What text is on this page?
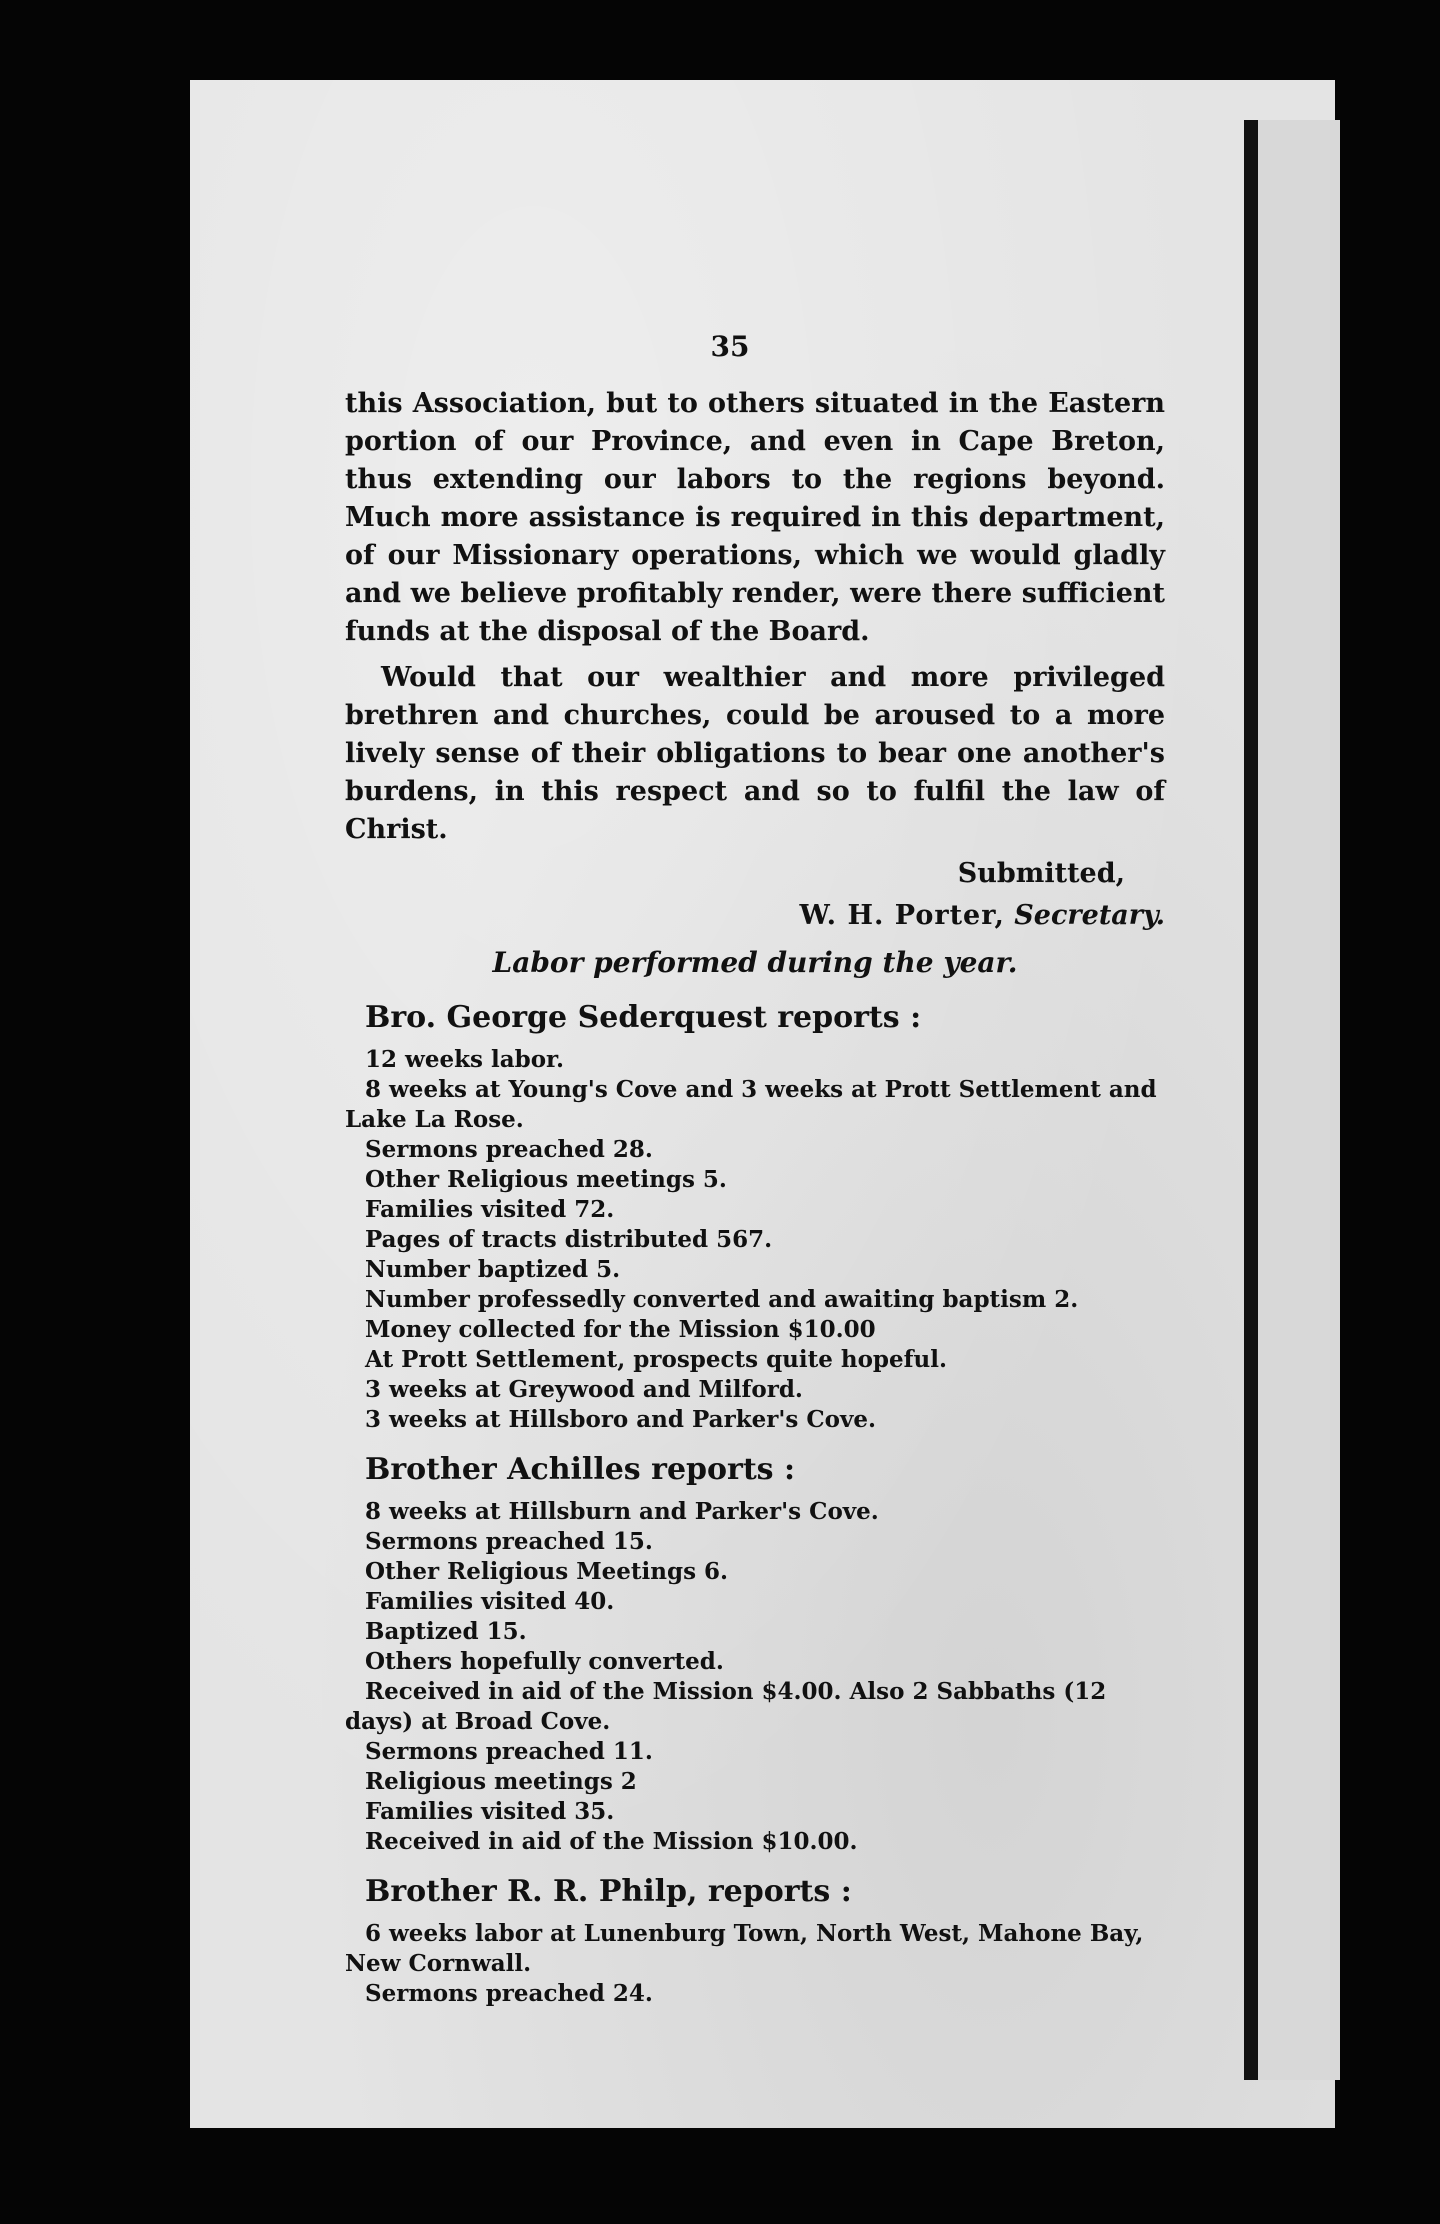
35

this Association, but to others situated in the Eastern portion of our Province, and even in Cape Breton, thus extending our labors to the regions beyond. Much more assistance is required in this department, of our Missionary operations, which we would gladly and we believe profitably render, were there sufficient funds at the disposal of the Board.

Would that our wealthier and more privileged brethren and churches, could be aroused to a more lively sense of their obligations to bear one another's burdens, in this respect and so to fulfil the law of Christ.

Submitted,
W. H. Porter, Secretary.
Labor performed during the year.
Bro. George Sederquest reports :

12 weeks labor.

8 weeks at Young's Cove and 3 weeks at Prott Settlement and Lake La Rose.

Sermons preached 28.

Other Religious meetings 5.

Families visited 72.

Pages of tracts distributed 567.

Number baptized 5.

Number professedly converted and awaiting baptism 2.

Money collected for the Mission $10.00

At Prott Settlement, prospects quite hopeful.

3 weeks at Greywood and Milford.

3 weeks at Hillsboro and Parker's Cove.

Brother Achilles reports :

8 weeks at Hillsburn and Parker's Cove.

Sermons preached 15.

Other Religious Meetings 6.

Families visited 40.

Baptized 15.

Others hopefully converted.

Received in aid of the Mission $4.00. Also 2 Sabbaths (12 days) at Broad Cove.

Sermons preached 11.

Religious meetings 2

Families visited 35.

Received in aid of the Mission $10.00.

Brother R. R. Philp, reports :

6 weeks labor at Lunenburg Town, North West, Mahone Bay, New Cornwall.

Sermons preached 24.
